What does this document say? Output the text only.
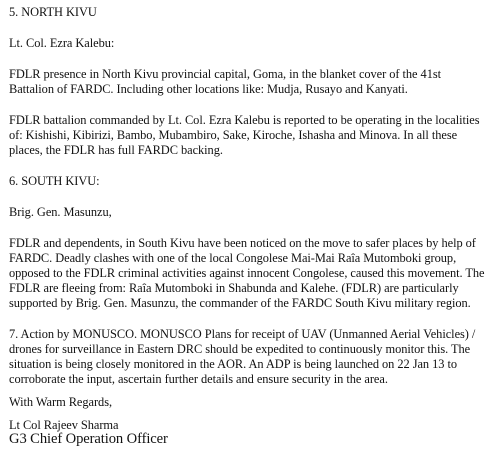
5. NORTH KIVU
Lt. Col. Ezra Kalebu:
FDLR presence in North Kivu provincial capital, Goma, in the blanket cover of the 41st
Battalion of FARDC. Including other locations like: Mudja, Rusayo and Kanyati.
FDLR battalion commanded by Lt. Col. Ezra Kalebu is reported to be operating in the localities
of: Kishishi, Kibirizi, Bambo, Mubambiro, Sake, Kiroche, Ishasha and Minova. In all these
places, the FDLR has full FARDC backing.
6. SOUTH KIVU:
Brig. Gen. Masunzu,
FDLR and dependents, in South Kivu have been noticed on the move to safer places by help of
FARDC. Deadly clashes with one of the local Congolese Mai-Mai Raîa Mutomboki group,
opposed to the FDLR criminal activities against innocent Congolese, caused this movement. The
FDLR are fleeing from: Raîa Mutomboki in Shabunda and Kalehe. (FDLR) are particularly
supported by Brig. Gen. Masunzu, the commander of the FARDC South Kivu military region.
7. Action by MONUSCO. MONUSCO Plans for receipt of UAV (Unmanned Aerial Vehicles) /
drones for surveillance in Eastern DRC should be expedited to continuously monitor this. The
situation is being closely monitored in the AOR. An ADP is being launched on 22 Jan 13 to
corroborate the input, ascertain further details and ensure security in the area.
With Warm Regards,
Lt Col Rajeev Sharma
G3 Chief Operation Officer
